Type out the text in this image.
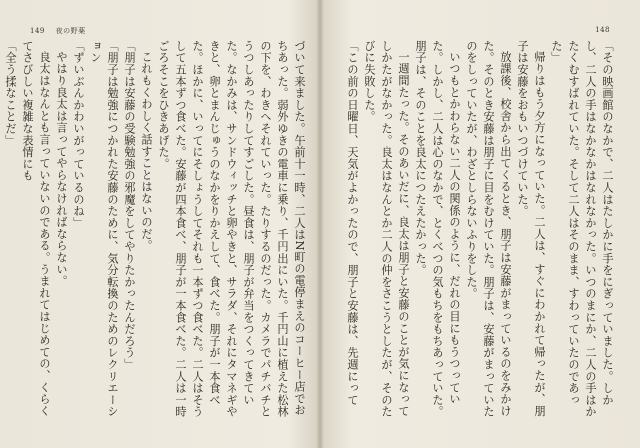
149 夜の野薬	148

「その映画館のなかで、二人はたしかに手をにぎっていました。しかし、二人の手はなかなかはなれなかった。いつのまにか、二人の手はかたくむすばれていた。そして二人はそのまま、すわっていたのであった」

帰りはもう夕方になっていた。二人は、すぐにわかれて帰ったが、朋子は安藤をおもいつづけていた。

放課後、校舎から出てくるとき、朋子は安藤がまっているのをみかけた。そのとき安藤は朋子に目をむけていた。朋子は、安藤がまっていたのをしっていたが、わざとしらないふりをした。

いつもとかわらない二人の関係のように、だれの目にもうつっていた。しかし、二人は心のなかで、とくべつの気もちをもちあっていた。朋子は、そのことを良太につたえたかった。

一週間たった。そのあいだに、良太は朋子と安藤のことが気になってしかたがなかった。良太はなんとか二人の仲をさこうとしたが、そのたびに失敗した。

「この前の日曜日、天気がよかったので、朋子と安藤は、先週にって

づいて来ました。午前十一時、二人はN町の電停まえのコーヒー店でおちあった。弱外ゆきの電車に乗り、千円出にいた。千円山に植えた松林の下を、わきへそれていった。たりするのだった。カメラでパチバチとうつしあったりしてすごした。昼食は、朋子が弁当をつくってきていた。なかみは、サンドウィッチと卵やきと、サラダ、それにタマネギやきと、卵とまんじゅうのなかをりかえして、食べた。朋子が一本食べた。ほかに、いってにそしょうしてそれも一本ずつ食べた。二人はそうして五本ずつ食べた。安藤が四本食べ、朋子が一本食べた。二人は一時ごろそこをひきあげた。

これもくわしく話すことはないのだ。

「朋子は安藤の受験勉強の邪魔をしてやりたかったんだろう」

「朋子は勉強につかれた安藤のために、気分転換のためのレクリエーション

「ずいぶんかわいがっているのね」

やはり良太は言ってやらなければならない。

良太はなんとも言っていないのである。うまれてはじめての、くらくてさびしい複雑な表情にも

「全う揉なことだ」
